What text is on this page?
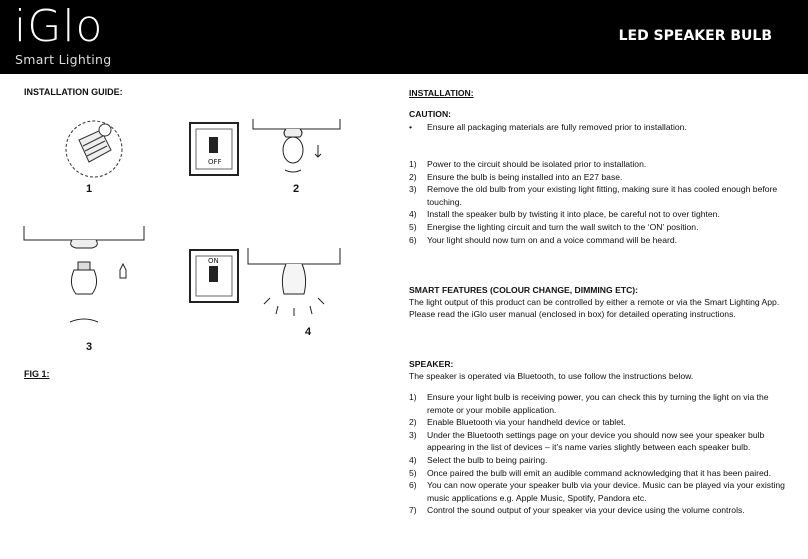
iGlo
Smart Lighting
LED SPEAKER BULB
INSTALLATION GUIDE:
1
OFF
2
3
ON
4
FIG 1:
INSTALLATION:
CAUTION:
• Ensure all packaging materials are fully removed prior to installation.
1) Power to the circuit should be isolated prior to installation.
2) Ensure the bulb is being installed into an E27 base.
3) Remove the old bulb from your existing light fitting, making sure it has cooled enough before touching.
4) Install the speaker bulb by twisting it into place, be careful not to over tighten.
5) Energise the lighting circuit and turn the wall switch to the ‘ON’ position.
6) Your light should now turn on and a voice command will be heard.
SMART FEATURES (COLOUR CHANGE, DIMMING ETC):
The light output of this product can be controlled by either a remote or via the Smart Lighting App.
Please read the iGlo user manual (enclosed in box) for detailed operating instructions.
SPEAKER:
The speaker is operated via Bluetooth, to use follow the instructions below.
1) Ensure your light bulb is receiving power, you can check this by turning the light on via the remote or your mobile application.
2) Enable Bluetooth via your handheld device or tablet.
3) Under the Bluetooth settings page on your device you should now see your speaker bulb appearing in the list of devices – it’s name varies slightly between each speaker bulb.
4) Select the bulb to being pairing.
5) Once paired the bulb will emit an audible command acknowledging that it has been paired.
6) You can now operate your speaker bulb via your device. Music can be played via your existing music applications e.g. Apple Music, Spotify, Pandora etc.
7) Control the sound output of your speaker via your device using the volume controls.
